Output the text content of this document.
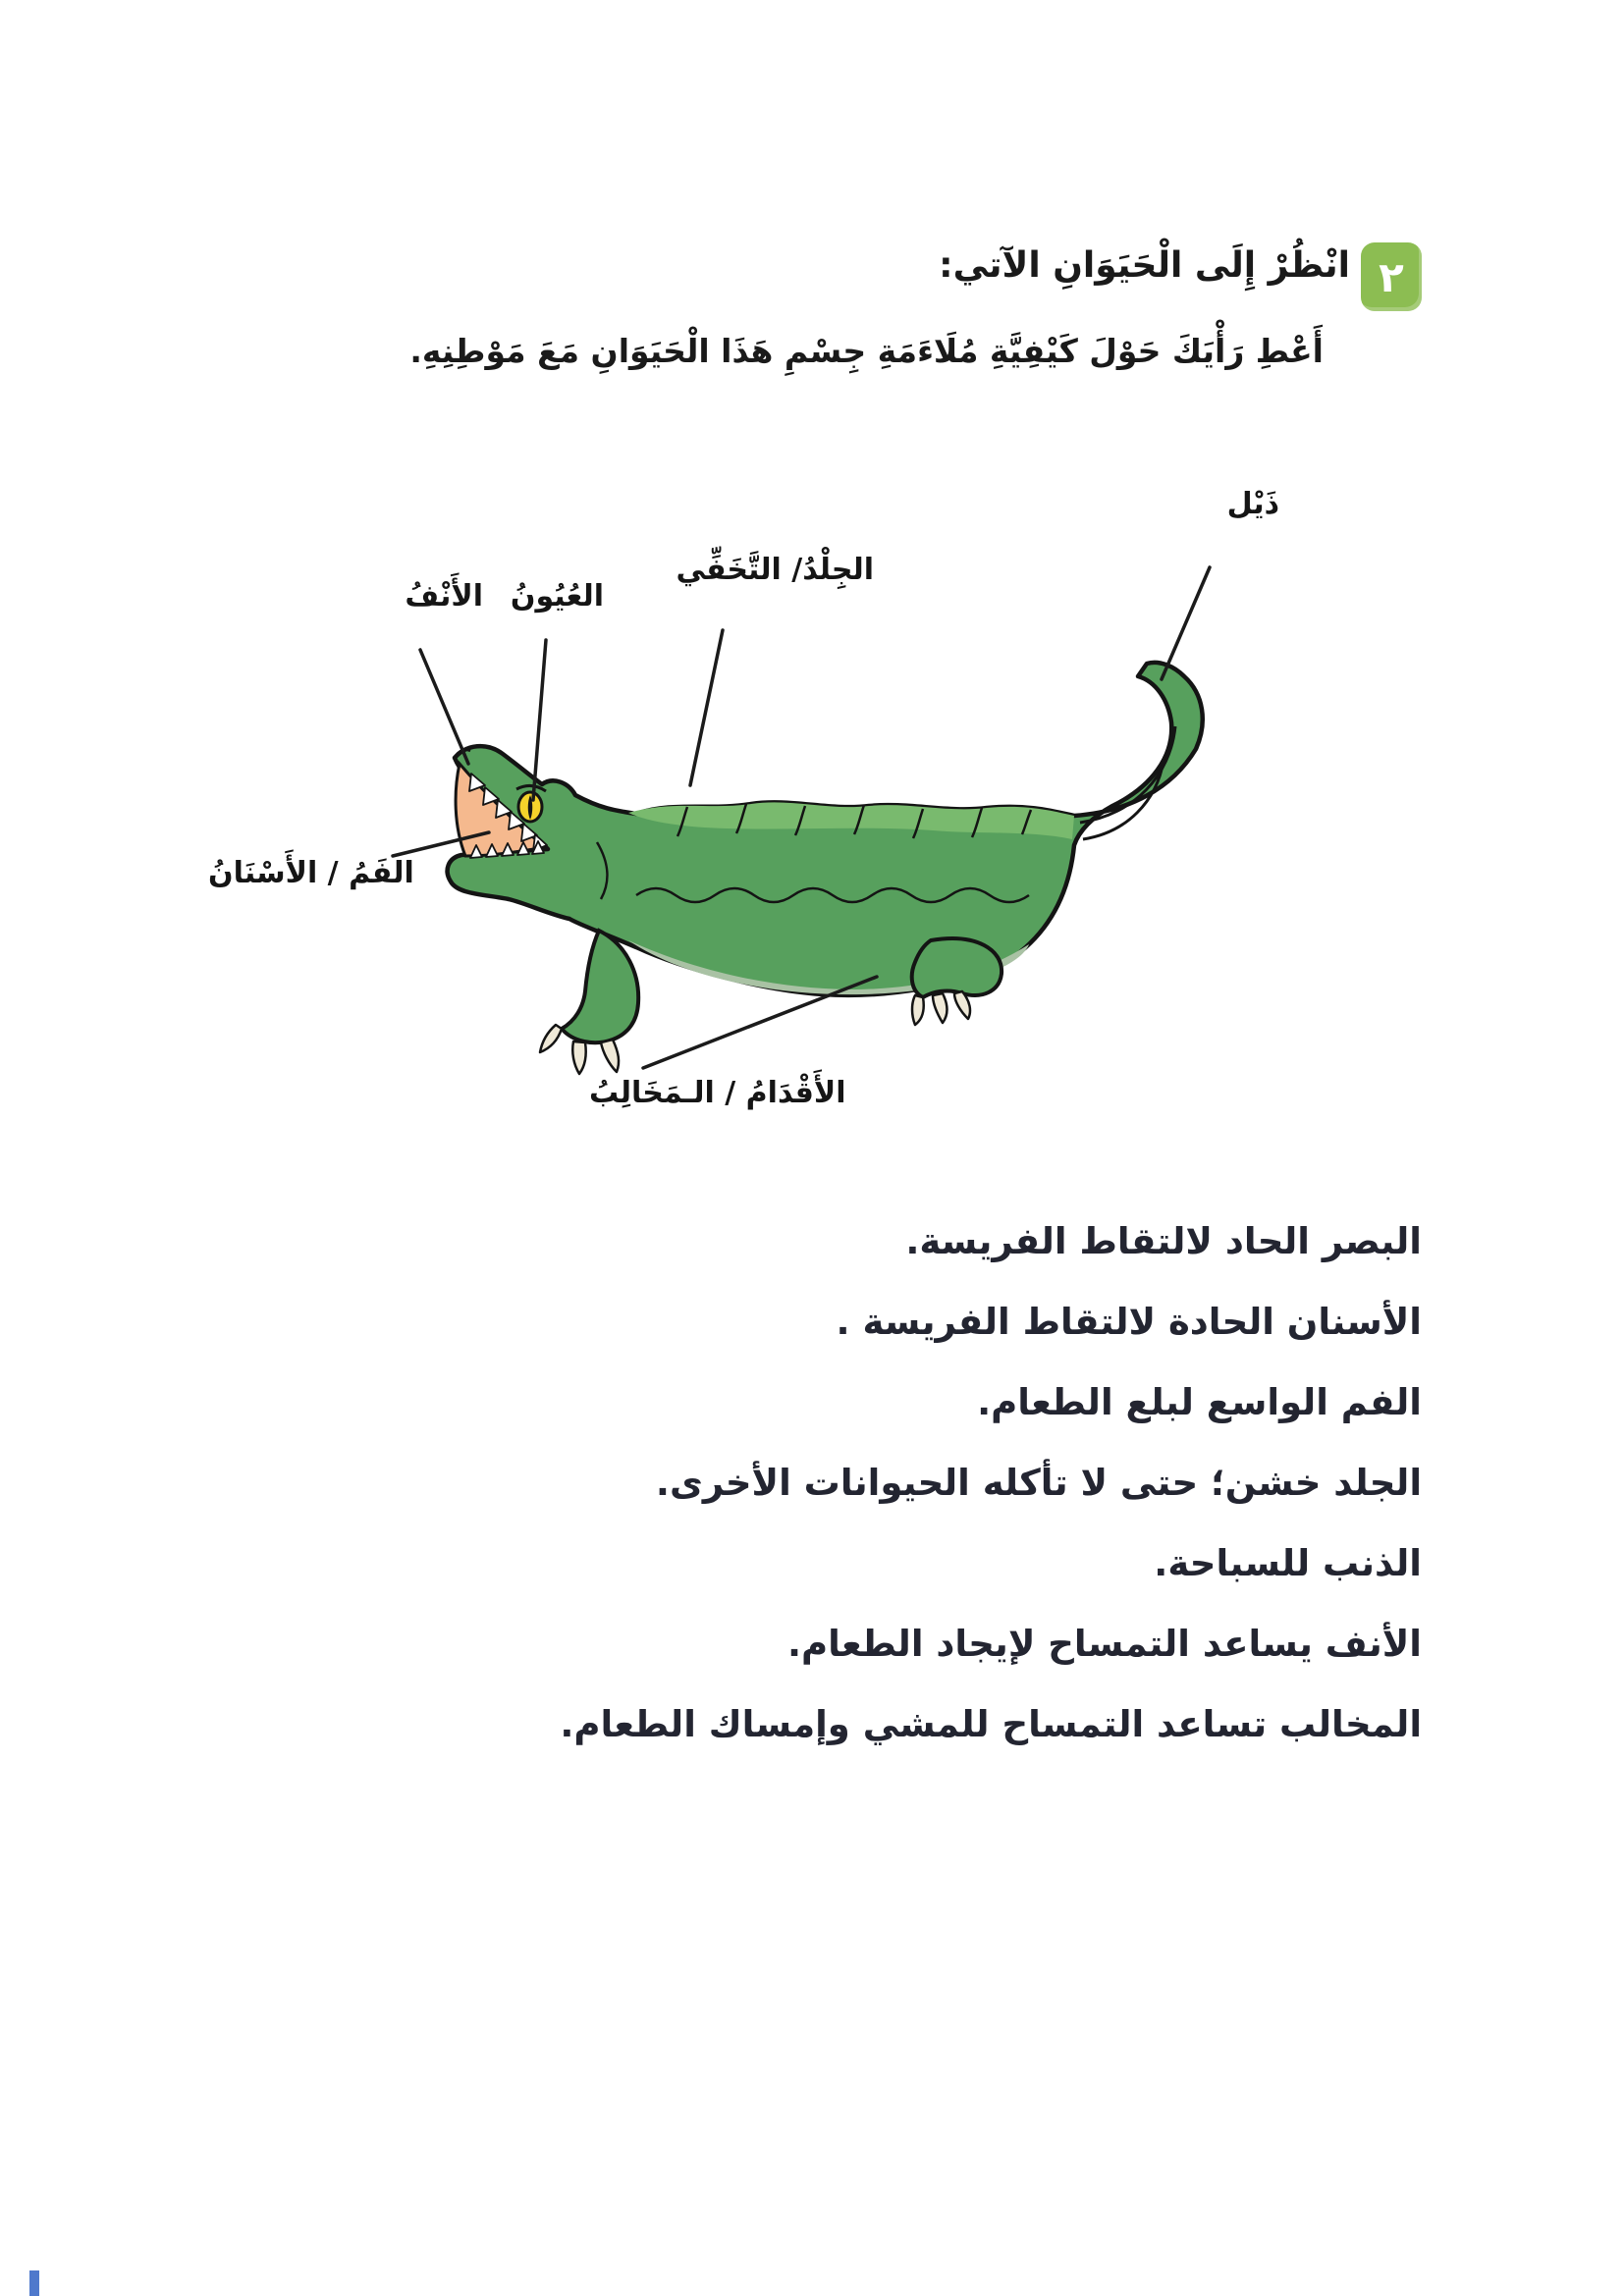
٢
انْظُرْ إِلَى الْحَيَوَانِ الآتي:
أَعْطِ رَأْيَكَ حَوْلَ كَيْفِيَّةِ مُلَاءَمَةِ جِسْمِ هَذَا الْحَيَوَانِ مَعَ مَوْطِنِهِ.
ذَيْل
الجِلْدُ/ التَّخَفِّي
العُيُونُ
الأَنْفُ
الفَمُ / الأَسْنَانُ
الأَقْدَامُ / الـمَخَالِبُ
البصر الحاد لالتقاط الفريسة.
الأسنان الحادة لالتقاط الفريسة .
الفم الواسع لبلع الطعام.
الجلد خشن؛ حتى لا تأكله الحيوانات الأخرى.
الذنب للسباحة.
الأنف يساعد التمساح لإيجاد الطعام.
المخالب تساعد التمساح للمشي وإمساك الطعام.
